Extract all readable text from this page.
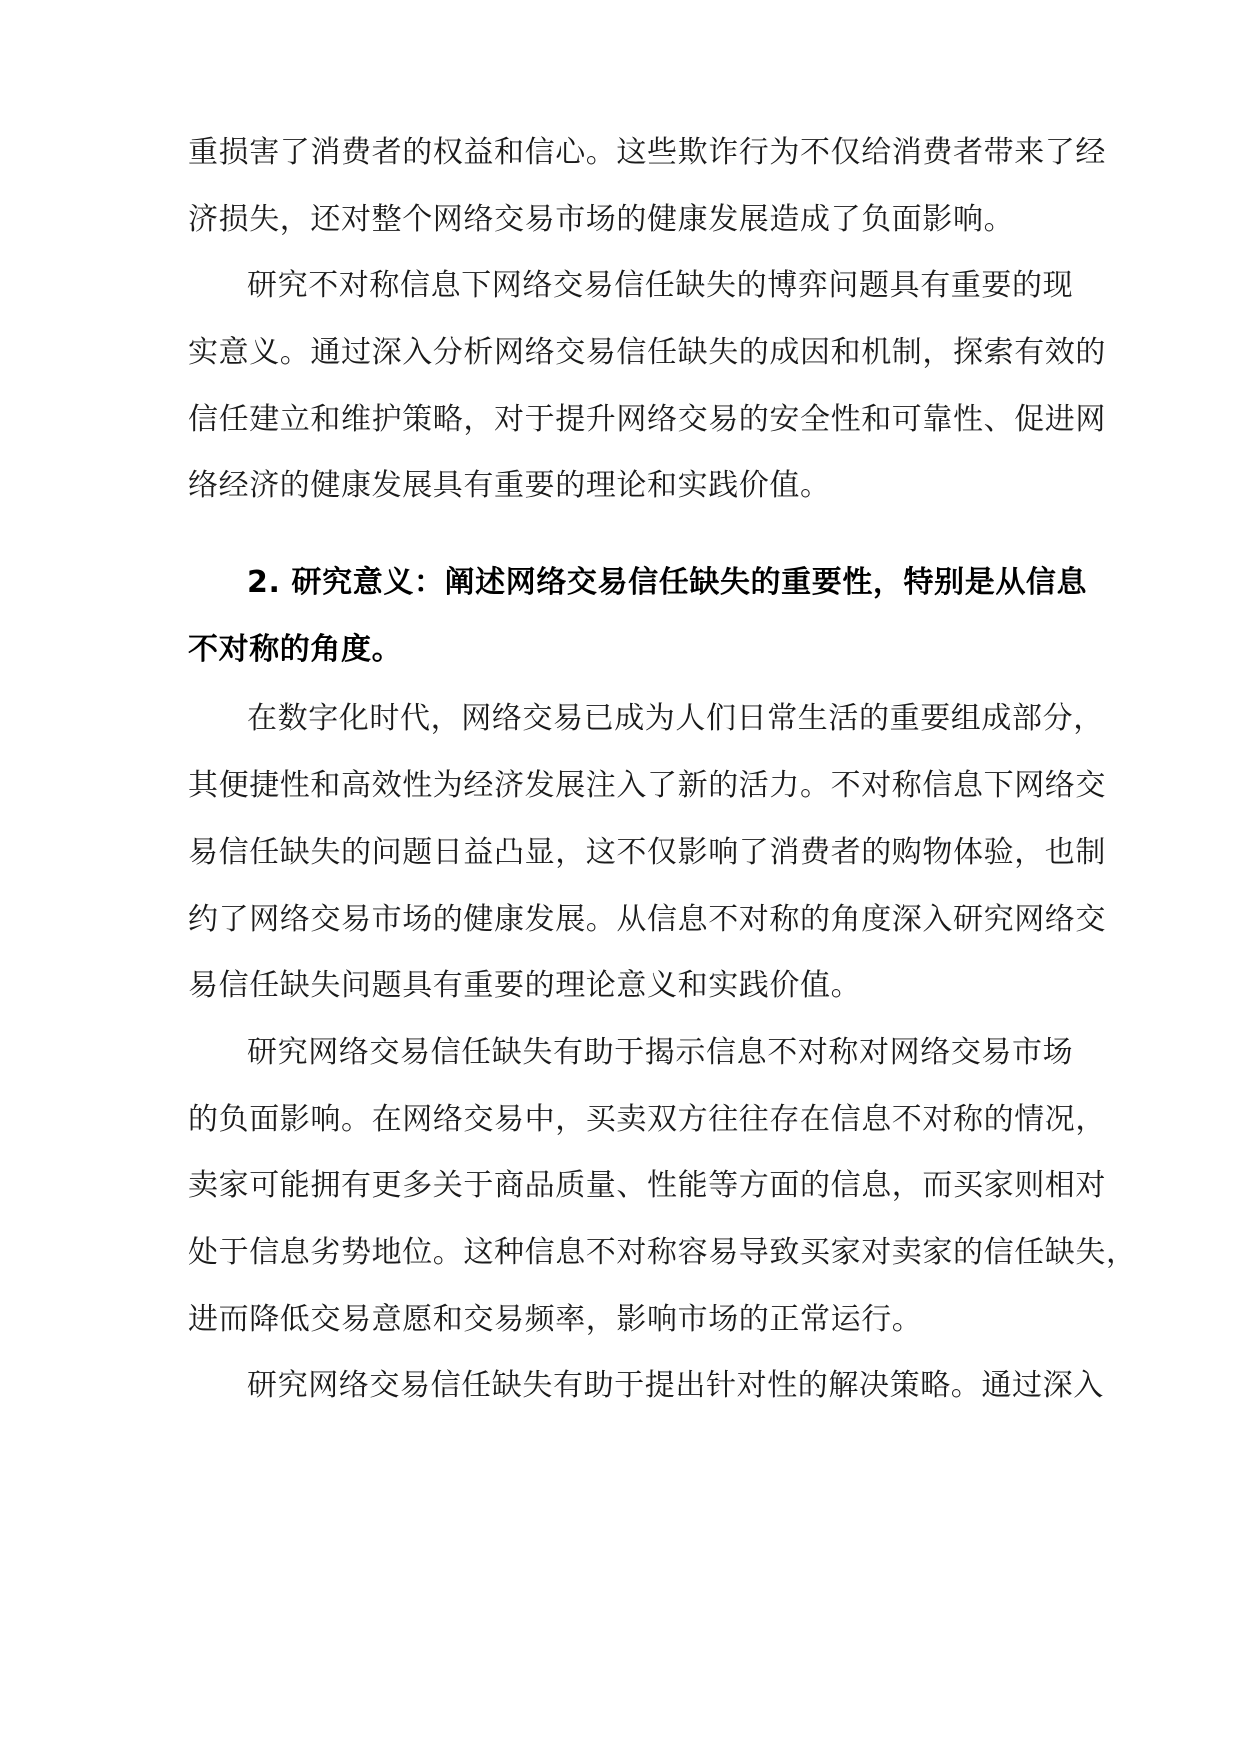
重损害了消费者的权益和信心。这些欺诈行为不仅给消费者带来了经
济损失，还对整个网络交易市场的健康发展造成了负面影响。
研究不对称信息下网络交易信任缺失的博弈问题具有重要的现
实意义。通过深入分析网络交易信任缺失的成因和机制，探索有效的
信任建立和维护策略，对于提升网络交易的安全性和可靠性、促进网
络经济的健康发展具有重要的理论和实践价值。
2. 研究意义：阐述网络交易信任缺失的重要性，特别是从信息
不对称的角度。
在数字化时代，网络交易已成为人们日常生活的重要组成部分，
其便捷性和高效性为经济发展注入了新的活力。不对称信息下网络交
易信任缺失的问题日益凸显，这不仅影响了消费者的购物体验，也制
约了网络交易市场的健康发展。从信息不对称的角度深入研究网络交
易信任缺失问题具有重要的理论意义和实践价值。
研究网络交易信任缺失有助于揭示信息不对称对网络交易市场
的负面影响。在网络交易中，买卖双方往往存在信息不对称的情况，
卖家可能拥有更多关于商品质量、性能等方面的信息，而买家则相对
处于信息劣势地位。这种信息不对称容易导致买家对卖家的信任缺失，
进而降低交易意愿和交易频率，影响市场的正常运行。
研究网络交易信任缺失有助于提出针对性的解决策略。通过深入
